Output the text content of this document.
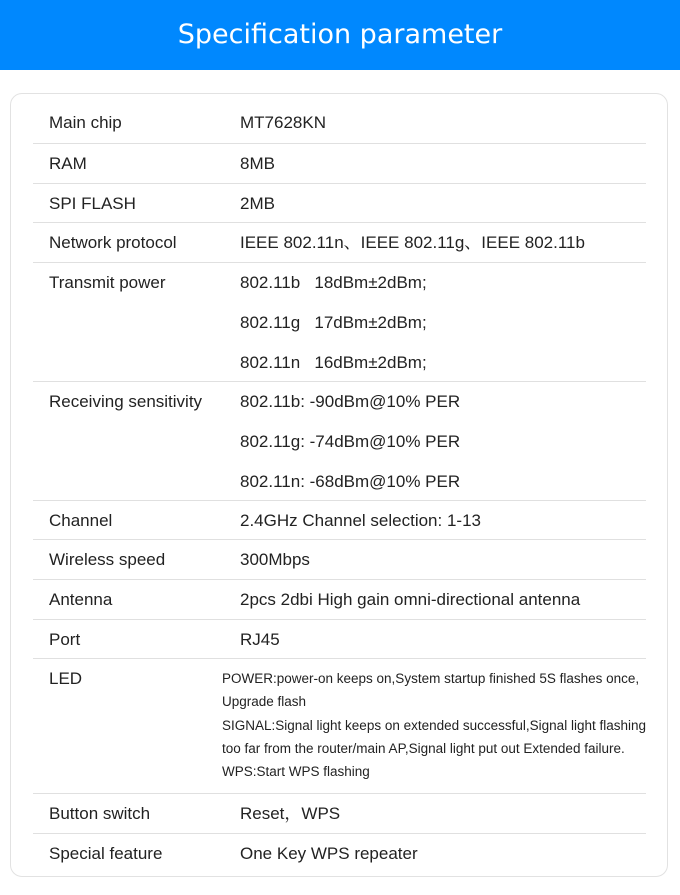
Specification parameter
Main chip	MT7628KN
RAM	8MB
SPI FLASH	2MB
Network protocol	IEEE 802.11n、IEEE 802.11g、IEEE 802.11b
Transmit power	802.11b   18dBm±2dBm;
802.11g   17dBm±2dBm;
802.11n   16dBm±2dBm;
Receiving sensitivity	802.11b: -90dBm@10% PER
802.11g: -74dBm@10% PER
802.11n: -68dBm@10% PER
Channel	2.4GHz Channel selection: 1-13
Wireless speed	300Mbps
Antenna	2pcs 2dbi High gain omni-directional antenna
Port	RJ45
LED	POWER:power-on keeps on,System startup finished 5S flashes once,
Upgrade flash
SIGNAL:Signal light keeps on extended successful,Signal light flashing
too far from the router/main AP,Signal light put out Extended failure.
WPS:Start WPS flashing
Button switch	Reset，WPS
Special feature	One Key WPS repeater
